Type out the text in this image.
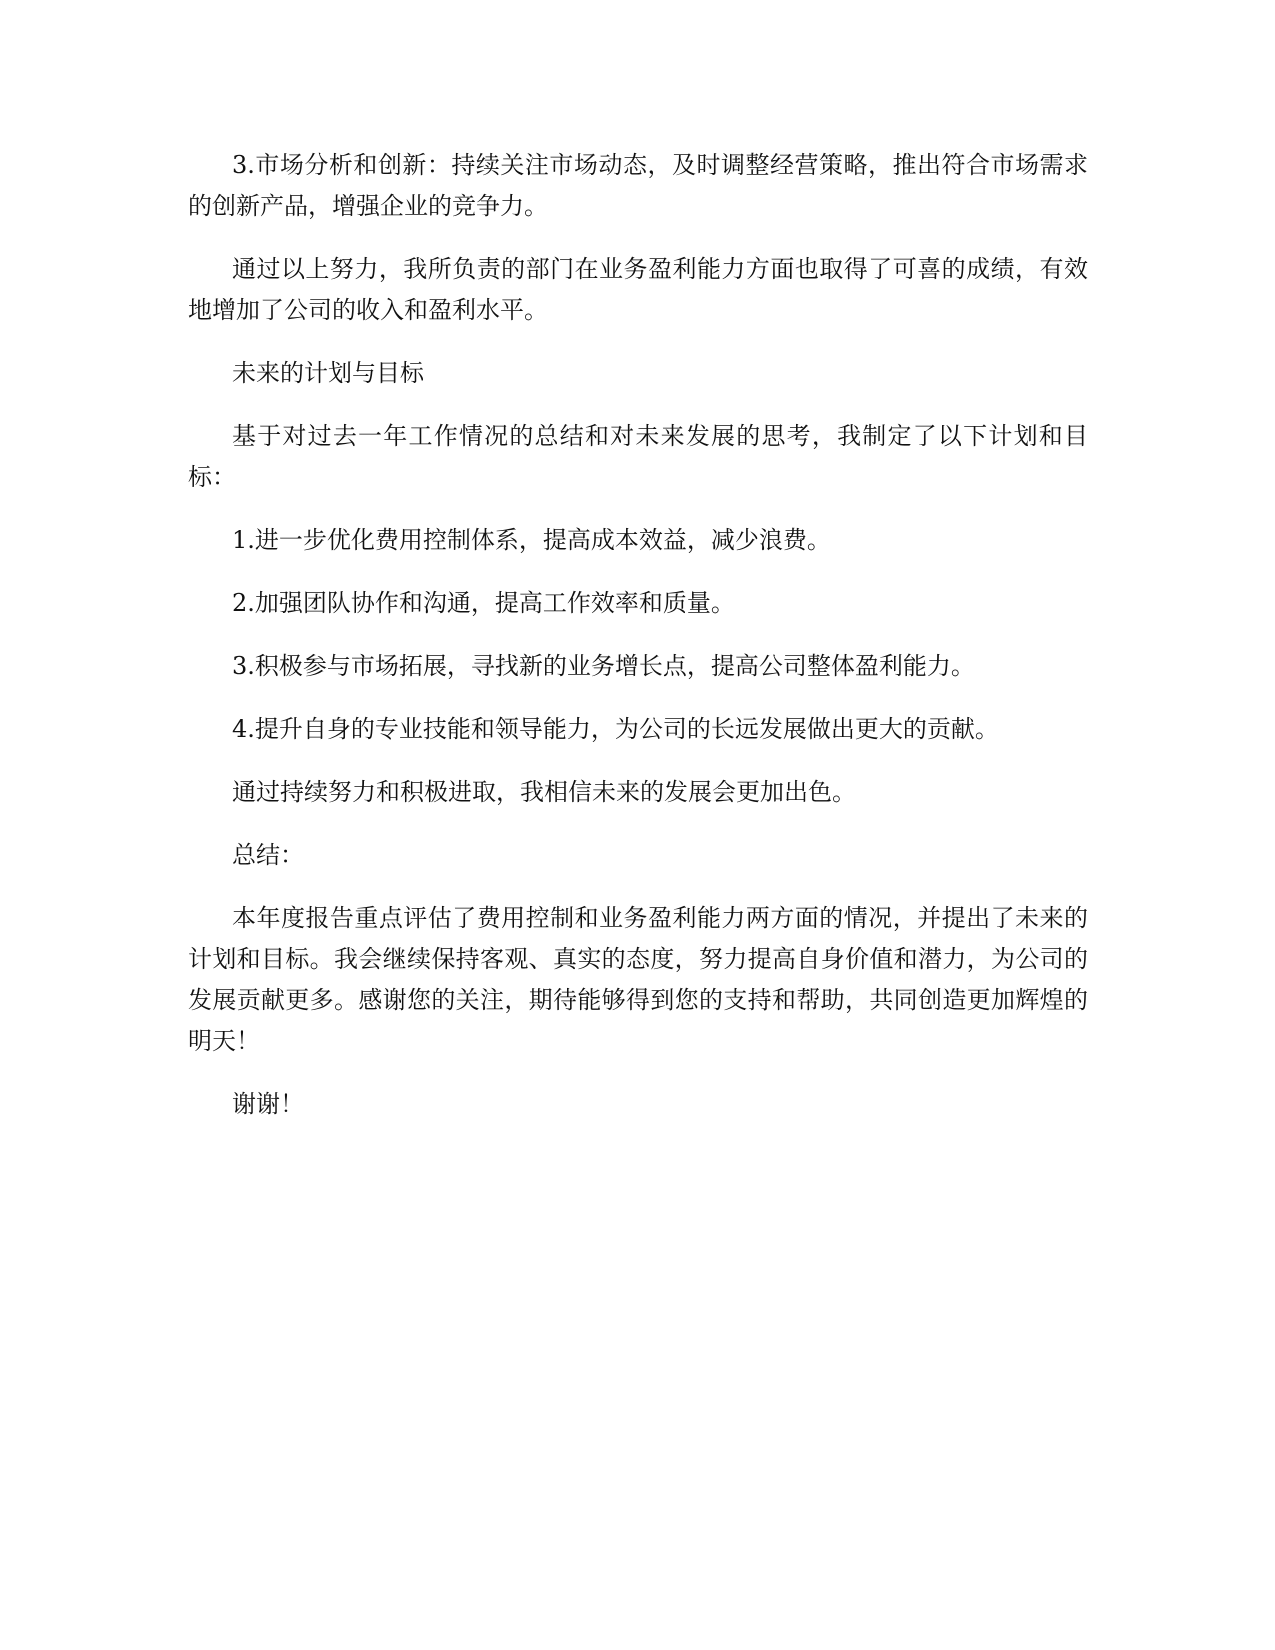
3.市场分析和创新：持续关注市场动态，及时调整经营策略，推出符合市场需求的创新产品，增强企业的竞争力。

通过以上努力，我所负责的部门在业务盈利能力方面也取得了可喜的成绩，有效地增加了公司的收入和盈利水平。

未来的计划与目标

基于对过去一年工作情况的总结和对未来发展的思考，我制定了以下计划和目标：

1.进一步优化费用控制体系，提高成本效益，减少浪费。

2.加强团队协作和沟通，提高工作效率和质量。

3.积极参与市场拓展，寻找新的业务增长点，提高公司整体盈利能力。

4.提升自身的专业技能和领导能力，为公司的长远发展做出更大的贡献。

通过持续努力和积极进取，我相信未来的发展会更加出色。

总结：

本年度报告重点评估了费用控制和业务盈利能力两方面的情况，并提出了未来的计划和目标。我会继续保持客观、真实的态度，努力提高自身价值和潜力，为公司的发展贡献更多。感谢您的关注，期待能够得到您的支持和帮助，共同创造更加辉煌的明天！

谢谢！
